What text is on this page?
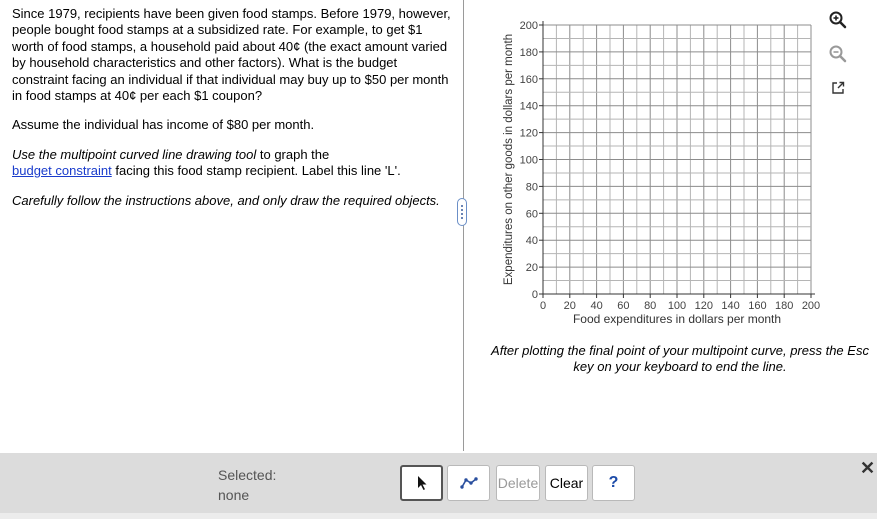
Since 1979, recipients have been given food stamps. Before 1979, however, people bought food stamps at a subsidized rate. For example, to get $1 worth of food stamps, a household paid about 40¢ (the exact amount varied by household characteristics and other factors). What is the budget constraint facing an individual if that individual may buy up to $50 per month in food stamps at 40¢ per each $1 coupon?

Assume the individual has income of $80 per month.

Use the multipoint curved line drawing tool to graph the
budget constraint facing this food stamp recipient. Label this line 'L'.

Carefully follow the instructions above, and only draw the required objects.

0 20 40 60 80 100 120 140 160 180 200
0
20
40
60
80
100
120
140
160
180
200
Food expenditures in dollars per month
Expenditures on other goods in dollars per month
After plotting the final point of your multipoint curve, press the Esc key on your keyboard to end the line.
Selected:
none
Delete Clear	?
✕
